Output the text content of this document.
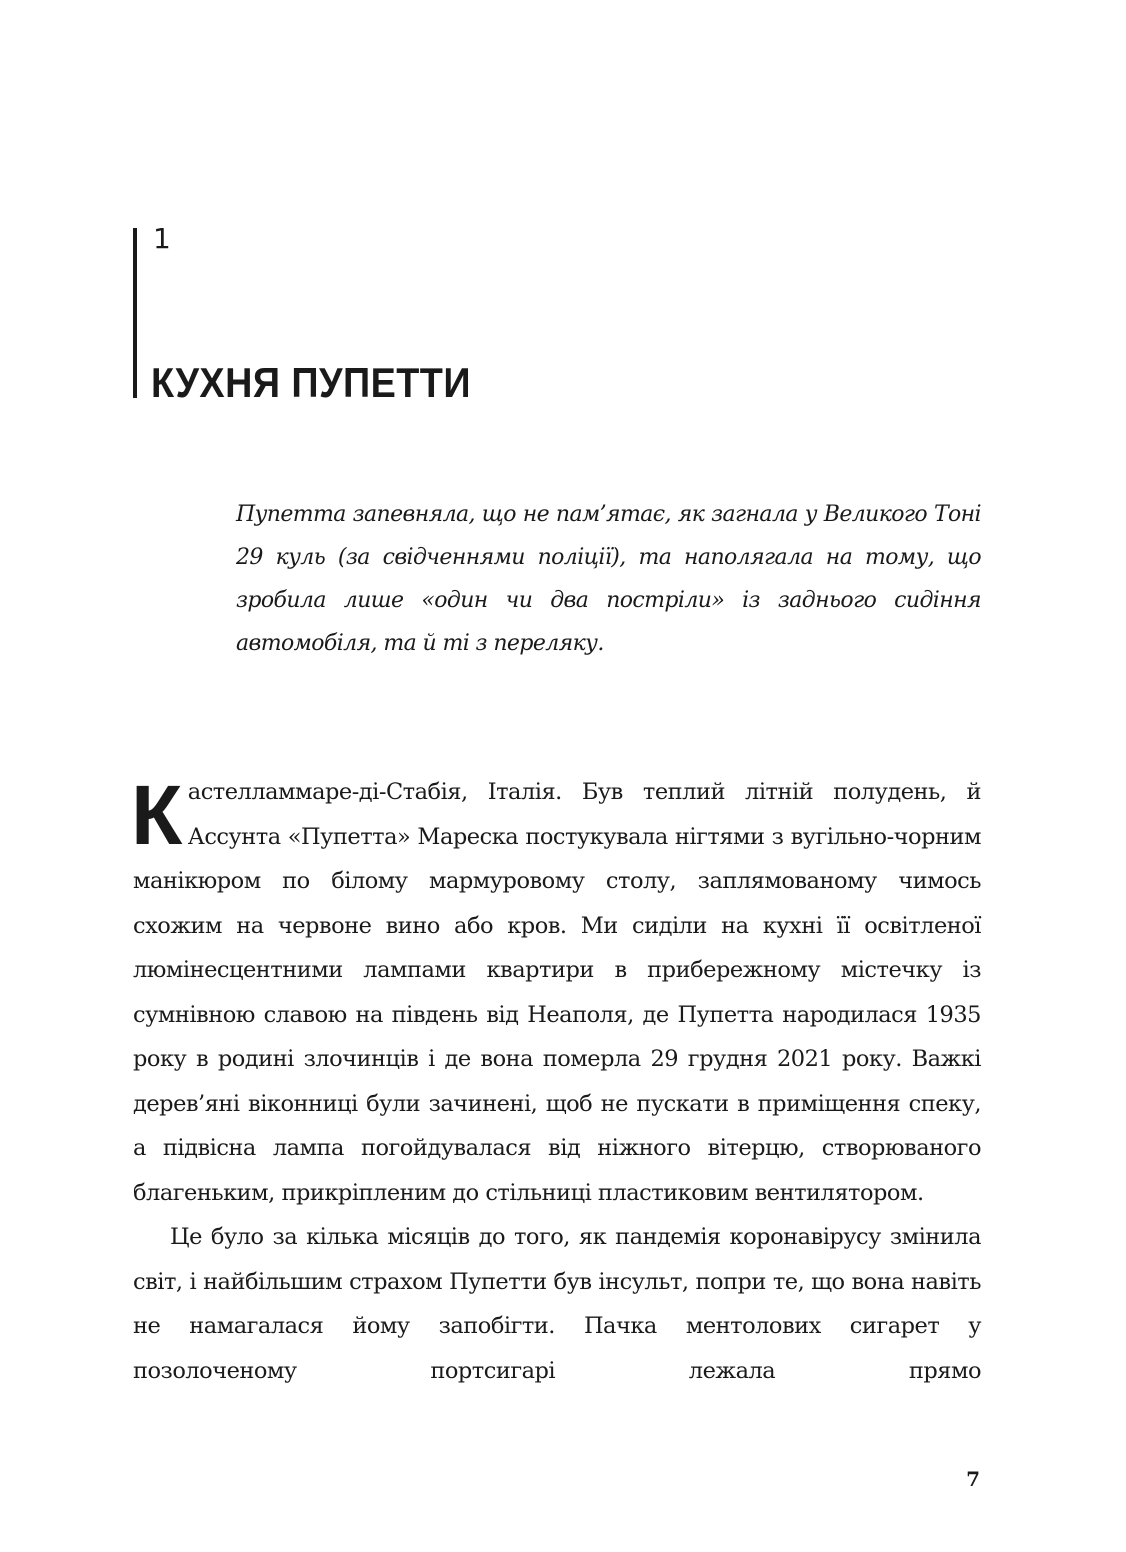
1
КУХНЯ ПУПЕТТИ

Пупетта запевняла, що не пам’ятає, як загнала у Великого Тоні 29 куль (за свідченнями поліції), та наполягала на тому, що зробила лише «один чи два постріли» із заднього сидіння автомобіля, та й ті з переляку.

Кастелламмаре-ді-Стабія, Італія. Був теплий літній полудень, й Ассунта «Пупетта» Мареска постукувала нігтями з вугільно-чорним манікюром по білому мармуровому столу, заплямованому чимось схожим на червоне вино або кров. Ми сиділи на кухні її освітленої люмінесцентними лампами квартири в прибережному містечку із сумнівною славою на південь від Неаполя, де Пупетта народилася 1935 року в родині злочинців і де вона померла 29 грудня 2021 року. Важкі дерев’яні віконниці були зачинені, щоб не пускати в приміщення спеку, а підвісна лампа погойдувалася від ніжного вітерцю, створюваного благеньким, прикріпленим до стільниці пластиковим вентилятором.

Це було за кілька місяців до того, як пандемія коронавірусу змінила світ, і найбільшим страхом Пупетти був інсульт, попри те, що вона навіть не намагалася йому запобігти. Пачка ментолових сигарет у позолоченому портсигарі лежала прямо

7
